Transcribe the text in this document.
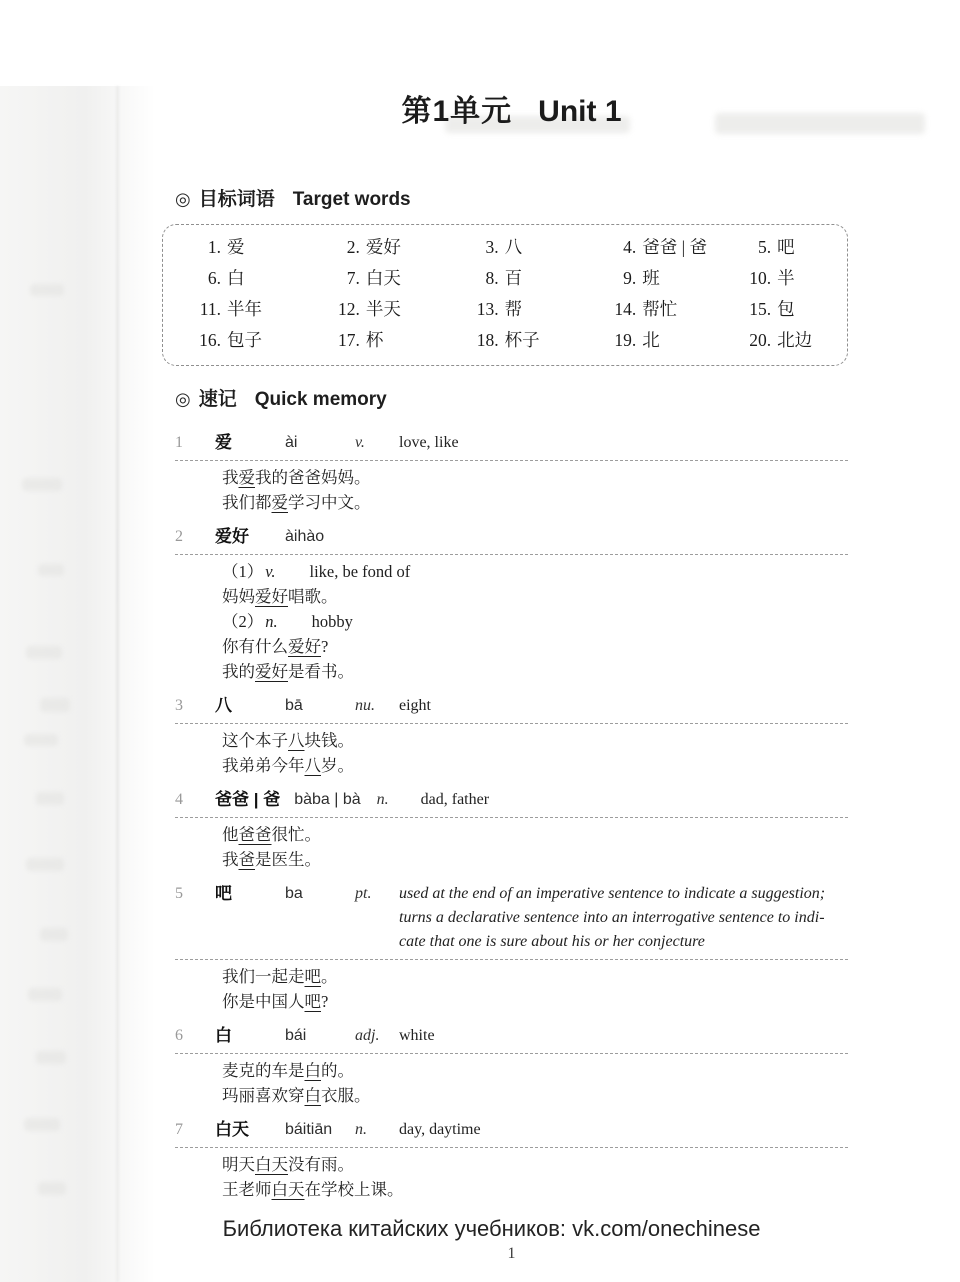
第1单元 Unit 1
◎ 目标词语 Target words
1. 爱	2. 爱好	3. 八	4. 爸爸 | 爸	5. 吧
6. 白	7. 白天	8. 百	9. 班	10. 半
11. 半年	12. 半天	13. 帮	14. 帮忙	15. 包
16. 包子	17. 杯	18. 杯子	19. 北	20. 北边
◎ 速记 Quick memory
1	爱	ài	v.	love, like
我爱我的爸爸妈妈。
我们都爱学习中文。
2	爱好	àihào
（1） v. like, be fond of
妈妈爱好唱歌。
（2） n. hobby
你有什么爱好?
我的爱好是看书。
3	八	bā	nu.	eight
这个本子八块钱。
我弟弟今年八岁。
4	爸爸 | 爸 bàba | bà n.	dad, father
他爸爸很忙。
我爸是医生。
5	吧	ba	pt.	used at the end of an imperative sentence to indicate a suggestion;
turns a declarative sentence into an interrogative sentence to indi-
cate that one is sure about his or her conjecture
我们一起走吧。
你是中国人吧?
6	白	bái	adj.	white
麦克的车是白的。
玛丽喜欢穿白衣服。
7	白天	báitiān	n.	day, daytime
明天白天没有雨。
王老师白天在学校上课。
Библиотека китайских учебников: vk.com/onechinese
1
